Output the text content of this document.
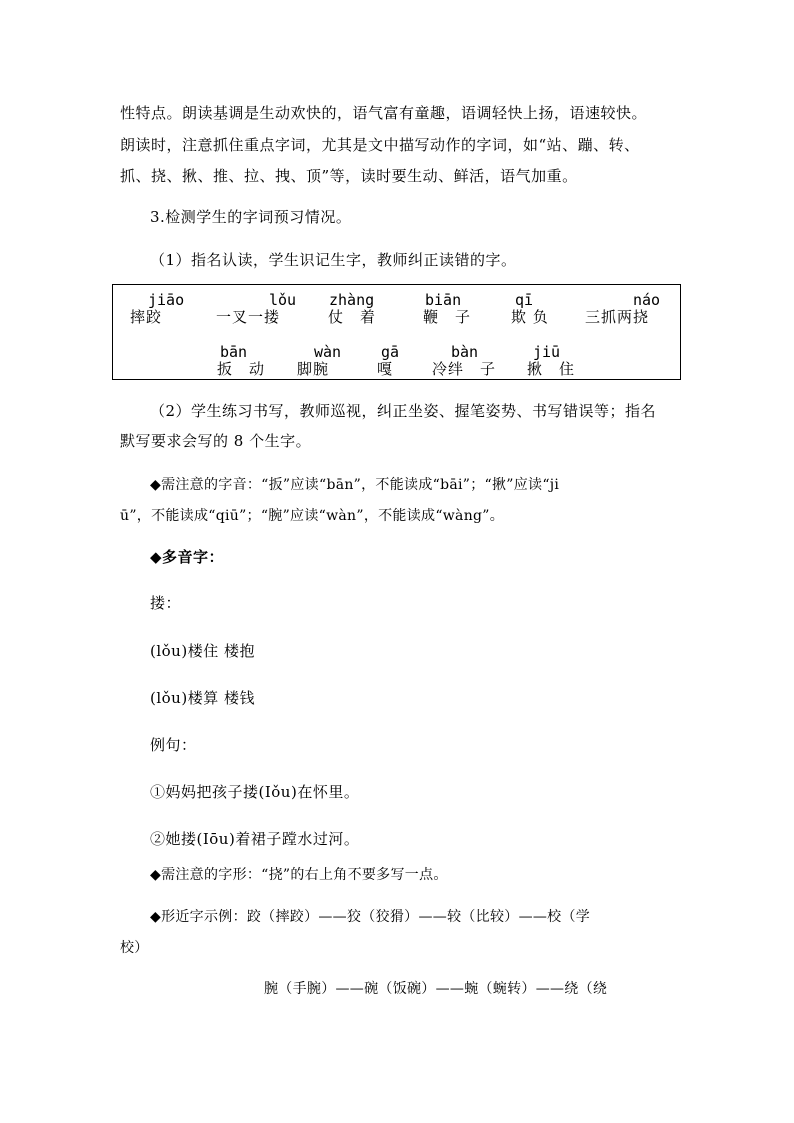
性特点。朗读基调是生动欢快的，语气富有童趣，语调轻快上扬，语速较快。
朗读时，注意抓住重点字词，尤其是文中描写动作的字词，如“站、蹦、转、
抓、挠、揪、推、拉、拽、顶”等，读时要生动、鲜活，语气加重。
3.检测学生的字词预习情况。
（1）指名认读，学生识记生字，教师纠正读错的字。
jiāo
摔跤
lǒu
一叉一搂
zhàng
仗　着
biān
鞭　子
qī
欺 负
náo
三抓两挠
bān
扳　动
wàn
脚腕
gā
嘎
bàn
冷绊　子
jiū
揪　住
（2）学生练习书写，教师巡视，纠正坐姿、握笔姿势、书写错误等；指名
默写要求会写的 8 个生字。
◆需注意的字音：“扳”应读“bān”，不能读成“bāi”；“揪”应读“ji
ū”，不能读成“qiū”；“腕”应读“wàn”，不能读成“wàng”。
◆多音字：
搂：
(lǒu)楼住 楼抱
(lǒu)楼算 楼钱
例句：
①妈妈把孩子搂(Iǒu)在怀里。
②她搂(Iōu)着裙子蹚水过河。
◆需注意的字形：“挠”的右上角不要多写一点。
◆形近字示例：跤（摔跤）——狡（狡猾）——较（比较）——校（学
校）
腕（手腕）——碗（饭碗）——蜿（蜿转）——绕（绕
